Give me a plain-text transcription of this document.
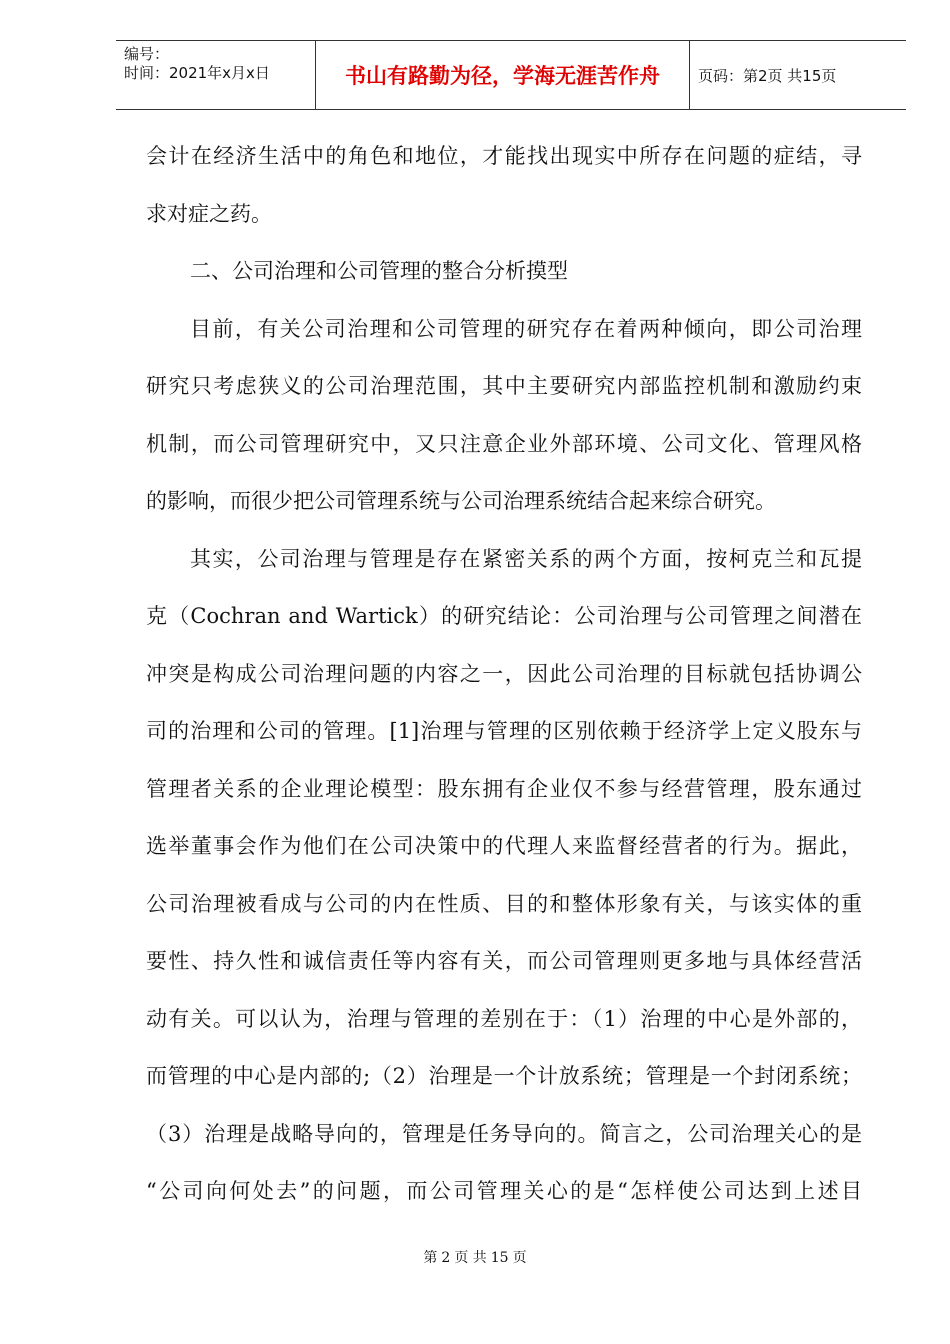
编号：
时间：2021年x月x日	书山有路勤为径，学海无涯苦作舟	页码：第2页 共15页
会计在经济生活中的角色和地位，才能找出现实中所存在问题的症结，寻
求对症之药。
二、公司治理和公司管理的整合分析摸型
目前，有关公司治理和公司管理的研究存在着两种倾向，即公司治理
研究只考虑狭义的公司治理范围，其中主要研究内部监控机制和激励约束
机制，而公司管理研究中，又只注意企业外部环境、公司文化、管理风格
的影响，而很少把公司管理系统与公司治理系统结合起来综合研究。
其实，公司治理与管理是存在紧密关系的两个方面，按柯克兰和瓦提
克（Cochran and Wartick）的研究结论：公司治理与公司管理之间潜在
冲突是构成公司治理问题的内容之一，因此公司治理的目标就包括协调公
司的治理和公司的管理。[1]治理与管理的区别依赖于经济学上定义股东与
管理者关系的企业理论模型：股东拥有企业仅不参与经营管理，股东通过
选举董事会作为他们在公司决策中的代理人来监督经营者的行为。据此，
公司治理被看成与公司的内在性质、目的和整体形象有关，与该实体的重
要性、持久性和诚信责任等内容有关，而公司管理则更多地与具体经营活
动有关。可以认为，治理与管理的差别在于：（1）治理的中心是外部的，
而管理的中心是内部的;（2）治理是一个计放系统；管理是一个封闭系统；
（3）治理是战略导向的，管理是任务导向的。简言之，公司治理关心的是
“公司向何处去”的问题，而公司管理关心的是“怎样使公司达到上述目
第 2 页 共 15 页
